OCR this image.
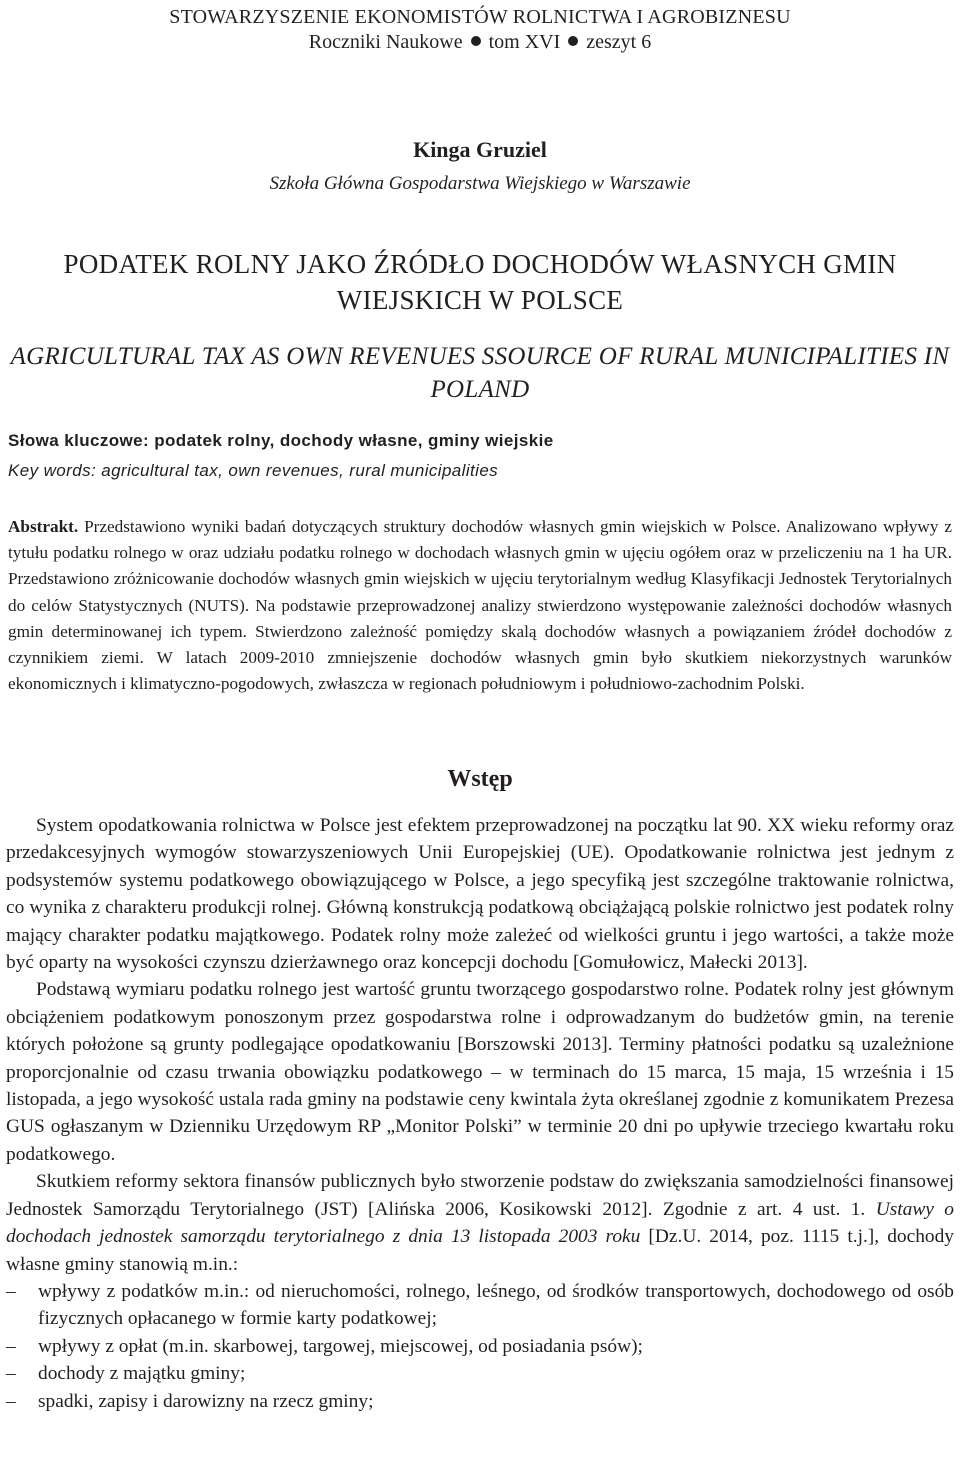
STOWARZYSZENIE EKONOMISTÓW ROLNICTWA I AGROBIZNESU
Roczniki Naukowe tom XVI zeszyt 6
Kinga Gruziel
Szkoła Główna Gospodarstwa Wiejskiego w Warszawie
PODATEK ROLNY JAKO ŹRÓDŁO DOCHODÓW WŁASNYCH GMIN WIEJSKICH W POLSCE
AGRICULTURAL TAX AS OWN REVENUES SSOURCE OF RURAL MUNICIPALITIES IN POLAND
Słowa kluczowe: podatek rolny, dochody własne, gminy wiejskie
Key words: agricultural tax, own revenues, rural municipalities

Abstrakt. Przedstawiono wyniki badań dotyczących struktury dochodów własnych gmin wiejskich w Polsce. Analizowano wpływy z tytułu podatku rolnego w oraz udziału podatku rolnego w dochodach własnych gmin w ujęciu ogółem oraz w przeliczeniu na 1 ha UR. Przedstawiono zróżnicowanie dochodów własnych gmin wiejskich w ujęciu terytorialnym według Klasyfikacji Jednostek Terytorialnych do celów Statystycznych (NUTS). Na podstawie przeprowadzonej analizy stwierdzono występowanie zależności dochodów własnych gmin determinowanej ich typem. Stwierdzono zależność pomiędzy skalą dochodów własnych a powiązaniem źródeł dochodów z czynnikiem ziemi. W latach 2009-2010 zmniejszenie dochodów własnych gmin było skutkiem niekorzystnych warunków ekonomicznych i klimatyczno-pogodowych, zwłaszcza w regionach południowym i południowo-zachodnim Polski.

Wstęp

System opodatkowania rolnictwa w Polsce jest efektem przeprowadzonej na początku lat 90. XX wieku reformy oraz przedakcesyjnych wymogów stowarzyszeniowych Unii Europejskiej (UE). Opodatkowanie rolnictwa jest jednym z podsystemów systemu podatkowego obowiązującego w Polsce, a jego specyfiką jest szczególne traktowanie rolnictwa, co wynika z charakteru produkcji rolnej. Główną konstrukcją podatkową obciążającą polskie rolnictwo jest podatek rolny mający charakter podatku majątkowego. Podatek rolny może zależeć od wielkości gruntu i jego wartości, a także może być oparty na wysokości czynszu dzierżawnego oraz koncepcji dochodu [Gomułowicz, Małecki 2013].

Podstawą wymiaru podatku rolnego jest wartość gruntu tworzącego gospodarstwo rolne. Podatek rolny jest głównym obciążeniem podatkowym ponoszonym przez gospodarstwa rolne i odprowadzanym do budżetów gmin, na terenie których położone są grunty podlegające opodatkowaniu [Borszowski 2013]. Terminy płatności podatku są uzależnione proporcjonalnie od czasu trwania obowiązku podatkowego – w terminach do 15 marca, 15 maja, 15 września i 15 listopada, a jego wysokość ustala rada gminy na podstawie ceny kwintala żyta określanej zgodnie z komunikatem Prezesa GUS ogłaszanym w Dzienniku Urzędowym RP „Monitor Polski” w terminie 20 dni po upływie trzeciego kwartału roku podatkowego.

Skutkiem reformy sektora finansów publicznych było stworzenie podstaw do zwiększania samodzielności finansowej Jednostek Samorządu Terytorialnego (JST) [Alińska 2006, Kosikowski 2012]. Zgodnie z art. 4 ust. 1. Ustawy o dochodach jednostek samorządu terytorialnego z dnia 13 listopada 2003 roku [Dz.U. 2014, poz. 1115 t.j.], dochody własne gminy stanowią m.in.:

– wpływy z podatków m.in.: od nieruchomości, rolnego, leśnego, od środków transportowych, dochodowego od osób fizycznych opłacanego w formie karty podatkowej;
– wpływy z opłat (m.in. skarbowej, targowej, miejscowej, od posiadania psów);
– dochody z majątku gminy;
– spadki, zapisy i darowizny na rzecz gminy;
